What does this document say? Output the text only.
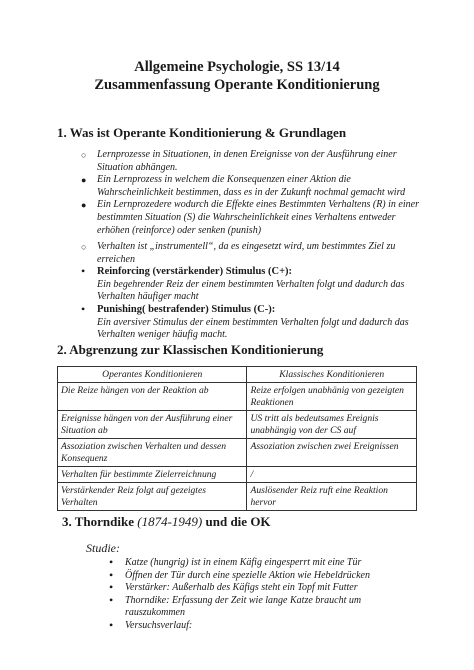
Allgemeine Psychologie, SS 13/14
Zusammenfassung Operante Konditionierung
1. Was ist Operante Konditionierung & Grundlagen
○ Lernprozesse in Situationen, in denen Ereignisse von der Ausführung einer
Situation abhängen.
● Ein Lernprozess in welchem die Konsequenzen einer Aktion die
Wahrscheinlichkeit bestimmen, dass es in der Zukunft nochmal gemacht wird
● Ein Lernprozedere wodurch die Effekte eines Bestimmten Verhaltens (R) in einer
bestimmten Situation (S) die Wahrscheinlichkeit eines Verhaltens entweder
erhöhen (reinforce) oder senken (punish)
○ Verhalten ist „instrumentell“, da es eingesetzt wird, um bestimmtes Ziel zu
erreichen
• Reinforcing (verstärkender) Stimulus (C+):
Ein begehrender Reiz der einem bestimmten Verhalten folgt und dadurch das
Verhalten häufiger macht
• Punishing( bestrafender) Stimulus (C-):
Ein aversiver Stimulus der einem bestimmten Verhalten folgt und dadurch das
Verhalten weniger häufig macht.
2. Abgrenzung zur Klassischen Konditionierung
Operantes Konditionieren	Klassisches Konditionieren
Die Reize hängen von der Reaktion ab	Reize erfolgen unabhänig von gezeigten Reaktionen
Ereignisse hängen von der Ausführung einer Situation ab	US tritt als bedeutsames Ereignis unabhängig von der CS auf
Assoziation zwischen Verhalten und dessen Konsequenz	Assoziation zwischen zwei Ereignissen
Verhalten für bestimmte Zielerreichnung	/
Verstärkender Reiz folgt auf gezeigtes Verhalten	Auslösender Reiz ruft eine Reaktion hervor
3. Thorndike (1874-1949) und die OK
Studie:
• Katze (hungrig) ist in einem Käfig eingesperrt mit eine Tür
• Öffnen der Tür durch eine spezielle Aktion wie Hebeldrücken
• Verstärker: Außerhalb des Käfigs steht ein Topf mit Futter
• Thorndike: Erfassung der Zeit wie lange Katze braucht um
rauszukommen
• Versuchsverlauf:
